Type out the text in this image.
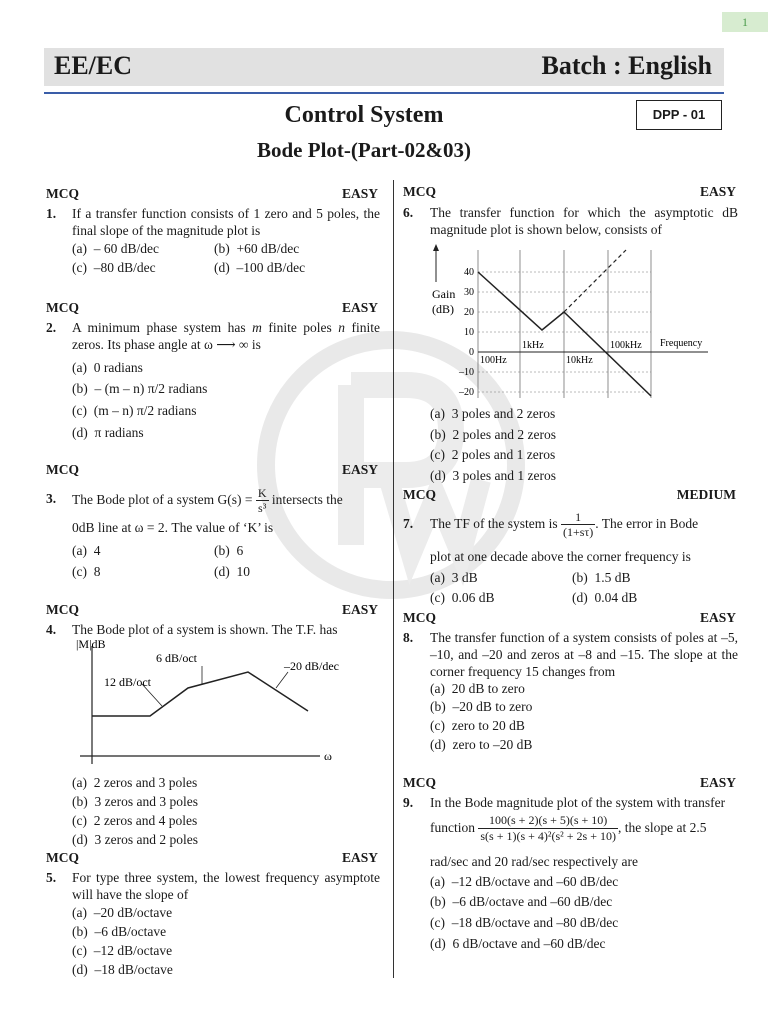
1
EE/EC	Batch : English
Control System
Bode Plot-(Part-02&03)
DPP - 01
MCQ	EASY
1. If a transfer function consists of 1 zero and 5 poles, the final slope of the magnitude plot is
(a) – 60 dB/dec	(b) +60 dB/dec
(c) –80 dB/dec	(d) –100 dB/dec
MCQ	EASY
2. A minimum phase system has m finite poles n finite zeros. Its phase angle at ω ⟶ ∞ is
(a) 0 radians
(b) – (m – n) π/2 radians
(c) (m – n) π/2 radians
(d) π radians
MCQ	EASY
3. The Bode plot of a system $G(s) = \frac{K}{\text{s³}}$ intersects the
0dB line at ω = 2. The value of ‘K’ is
(a) 4	(b) 6
(c) 8	(d) 10
MCQ	EASY
4. The Bode plot of a system is shown. The T.F. has
|M|dB
ω
6 dB/oct
–20 dB/dec
12 dB/oct
(a) 2 zeros and 3 poles
(b) 3 zeros and 3 poles
(c) 2 zeros and 4 poles
(d) 3 zeros and 2 poles
MCQ	EASY
5. For type three system, the lowest frequency asymptote will have the slope of
(a) –20 dB/octave
(b) –6 dB/octave
(c) –12 dB/octave
(d) –18 dB/octave
MCQ	EASY
6. The transfer function for which the asymptotic dB magnitude plot is shown below, consists of
Gain
(dB)
40
30
20
10
0
–10
–20
100Hz
1kHz
10kHz
100kHz Frequency
(a) 3 poles and 2 zeros
(b) 2 poles and 2 zeros
(c) 2 poles and 1 zeros
(d) 3 poles and 1 zeros
MCQ	MEDIUM
7. The TF of the system is $\frac{1}{(1+s\tau)}$ . The error in Bode
plot at one decade above the corner frequency is
(a) 3 dB	(b) 1.5 dB
(c) 0.06 dB	(d) 0.04 dB
MCQ	EASY
8. The transfer function of a system consists of poles at –5, –10, and –20 and zeros at –8 and –15. The slope at the corner frequency 15 changes from
(a) 20 dB to zero
(b) –20 dB to zero
(c) zero to 20 dB
(d) zero to –20 dB
MCQ	EASY
9. In the Bode magnitude plot of the system with transfer
function $\frac{100(s + 2)(s + 5)(s + 10)}{\text{s(s + 1)(s + 4)²(s² + 2s + 10)}}$ , the slope at 2.5
rad/sec and 20 rad/sec respectively are
(a) –12 dB/octave and –60 dB/dec
(b) –6 dB/octave and –60 dB/dec
(c) –18 dB/octave and –80 dB/dec
(d) 6 dB/octave and –60 dB/dec
